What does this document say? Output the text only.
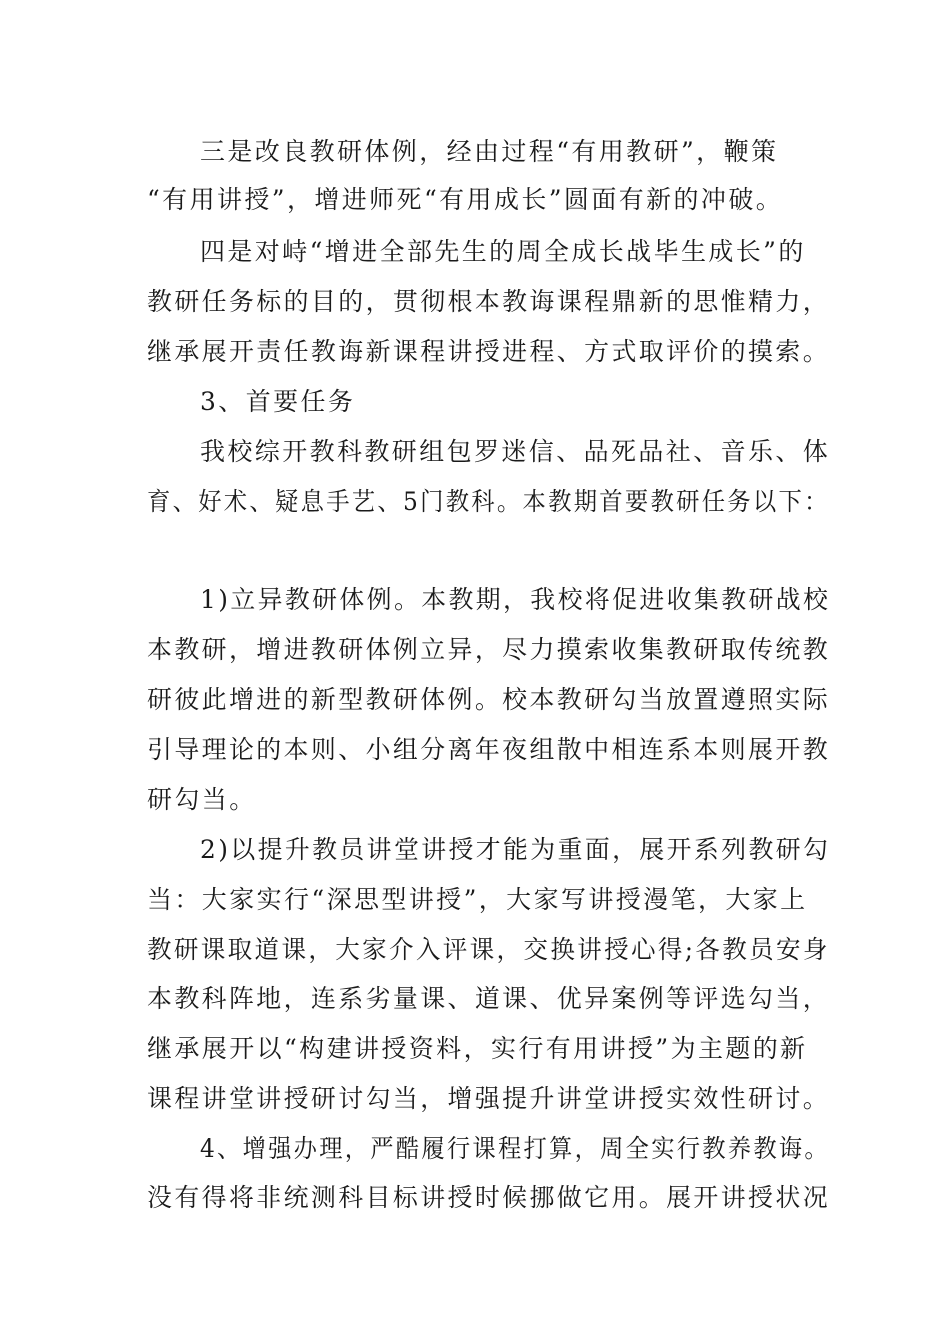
三是改良教研体例，经由过程“有用教研”，鞭策
“有用讲授”，增进师死“有用成长”圆面有新的冲破。
四是对峙“增进全部先生的周全成长战毕生成长”的
教研任务标的目的，贯彻根本教诲课程鼎新的思惟精力，
继承展开责任教诲新课程讲授进程、方式取评价的摸索。
3、首要任务
我校综开教科教研组包罗迷信、品死品社、音乐、体
育、好术、疑息手艺、5门教科。本教期首要教研任务以下：
1)立异教研体例。本教期，我校将促进收集教研战校
本教研，增进教研体例立异，尽力摸索收集教研取传统教
研彼此增进的新型教研体例。校本教研勾当放置遵照实际
引导理论的本则、小组分离年夜组散中相连系本则展开教
研勾当。
2)以提升教员讲堂讲授才能为重面，展开系列教研勾
当：大家实行“深思型讲授”，大家写讲授漫笔，大家上
教研课取道课，大家介入评课，交换讲授心得;各教员安身
本教科阵地，连系劣量课、道课、优异案例等评选勾当，
继承展开以“构建讲授资料，实行有用讲授”为主题的新
课程讲堂讲授研讨勾当，增强提升讲堂讲授实效性研讨。
4、增强办理，严酷履行课程打算，周全实行教养教诲。
没有得将非统测科目标讲授时候挪做它用。展开讲授状况
